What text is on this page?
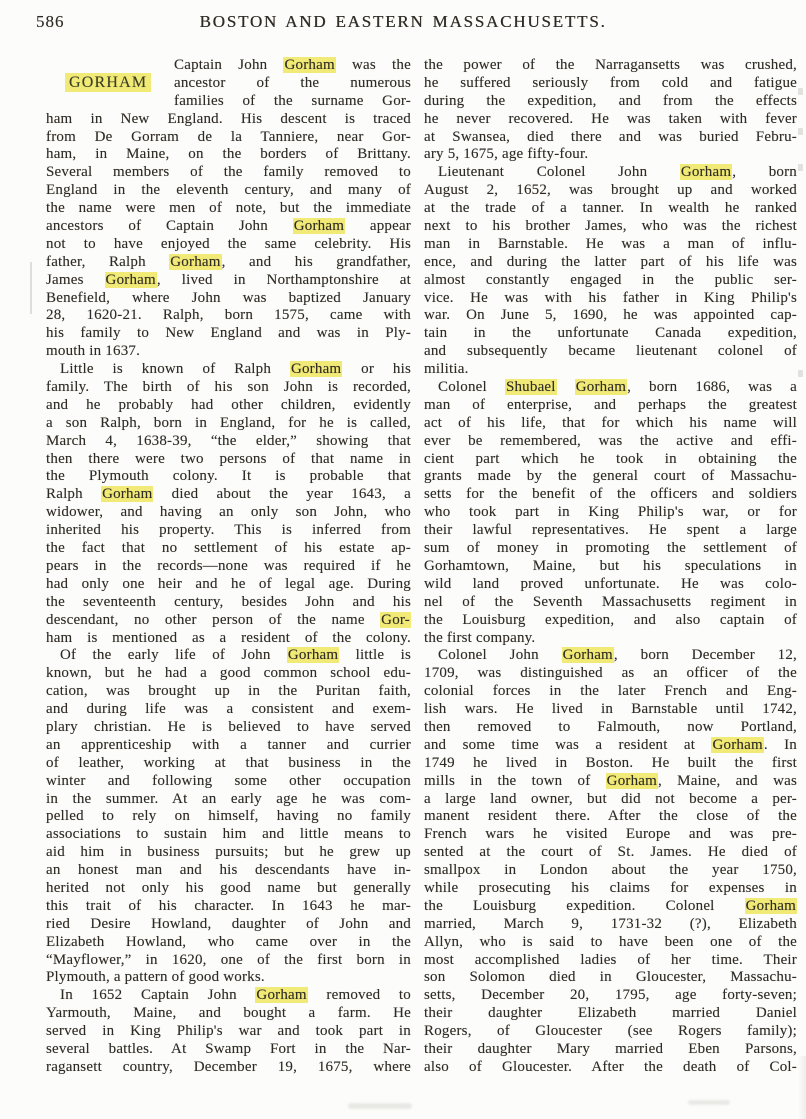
586	BOSTON AND EASTERN MASSACHUSETTS.
GORHAM
Captain John Gorham was the
ancestor of the numerous
families of the surname Gor-
ham in New England. His descent is traced
from De Gorram de la Tanniere, near Gor-
ham, in Maine, on the borders of Brittany.
Several members of the family removed to
England in the eleventh century, and many of
the name were men of note, but the immediate
ancestors of Captain John Gorham appear
not to have enjoyed the same celebrity. His
father, Ralph Gorham, and his grandfather,
James Gorham, lived in Northamptonshire at
Benefield, where John was baptized January
28, 1620-21. Ralph, born 1575, came with
his family to New England and was in Ply-
mouth in 1637.
Little is known of Ralph Gorham or his
family. The birth of his son John is recorded,
and he probably had other children, evidently
a son Ralph, born in England, for he is called,
March 4, 1638-39, “the elder,” showing that
then there were two persons of that name in
the Plymouth colony. It is probable that
Ralph Gorham died about the year 1643, a
widower, and having an only son John, who
inherited his property. This is inferred from
the fact that no settlement of his estate ap-
pears in the records—none was required if he
had only one heir and he of legal age. During
the seventeenth century, besides John and his
descendant, no other person of the name Gor-
ham is mentioned as a resident of the colony.
Of the early life of John Gorham little is
known, but he had a good common school edu-
cation, was brought up in the Puritan faith,
and during life was a consistent and exem-
plary christian. He is believed to have served
an apprenticeship with a tanner and currier
of leather, working at that business in the
winter and following some other occupation
in the summer. At an early age he was com-
pelled to rely on himself, having no family
associations to sustain him and little means to
aid him in business pursuits; but he grew up
an honest man and his descendants have in-
herited not only his good name but generally
this trait of his character. In 1643 he mar-
ried Desire Howland, daughter of John and
Elizabeth Howland, who came over in the
“Mayflower,” in 1620, one of the first born in
Plymouth, a pattern of good works.
In 1652 Captain John Gorham removed to
Yarmouth, Maine, and bought a farm. He
served in King Philip's war and took part in
several battles. At Swamp Fort in the Nar-
ragansett country, December 19, 1675, where
the power of the Narragansetts was crushed,
he suffered seriously from cold and fatigue
during the expedition, and from the effects
he never recovered. He was taken with fever
at Swansea, died there and was buried Febru-
ary 5, 1675, age fifty-four.
Lieutenant Colonel John Gorham, born
August 2, 1652, was brought up and worked
at the trade of a tanner. In wealth he ranked
next to his brother James, who was the richest
man in Barnstable. He was a man of influ-
ence, and during the latter part of his life was
almost constantly engaged in the public ser-
vice. He was with his father in King Philip's
war. On June 5, 1690, he was appointed cap-
tain in the unfortunate Canada expedition,
and subsequently became lieutenant colonel of
militia.
Colonel Shubael Gorham, born 1686, was a
man of enterprise, and perhaps the greatest
act of his life, that for which his name will
ever be remembered, was the active and effi-
cient part which he took in obtaining the
grants made by the general court of Massachu-
setts for the benefit of the officers and soldiers
who took part in King Philip's war, or for
their lawful representatives. He spent a large
sum of money in promoting the settlement of
Gorhamtown, Maine, but his speculations in
wild land proved unfortunate. He was colo-
nel of the Seventh Massachusetts regiment in
the Louisburg expedition, and also captain of
the first company.
Colonel John Gorham, born December 12,
1709, was distinguished as an officer of the
colonial forces in the later French and Eng-
lish wars. He lived in Barnstable until 1742,
then removed to Falmouth, now Portland,
and some time was a resident at Gorham. In
1749 he lived in Boston. He built the first
mills in the town of Gorham, Maine, and was
a large land owner, but did not become a per-
manent resident there. After the close of the
French wars he visited Europe and was pre-
sented at the court of St. James. He died of
smallpox in London about the year 1750,
while prosecuting his claims for expenses in
the Louisburg expedition. Colonel Gorham
married, March 9, 1731-32 (?), Elizabeth
Allyn, who is said to have been one of the
most accomplished ladies of her time. Their
son Solomon died in Gloucester, Massachu-
setts, December 20, 1795, age forty-seven;
their daughter Elizabeth married Daniel
Rogers, of Gloucester (see Rogers family);
their daughter Mary married Eben Parsons,
also of Gloucester. After the death of Col-
